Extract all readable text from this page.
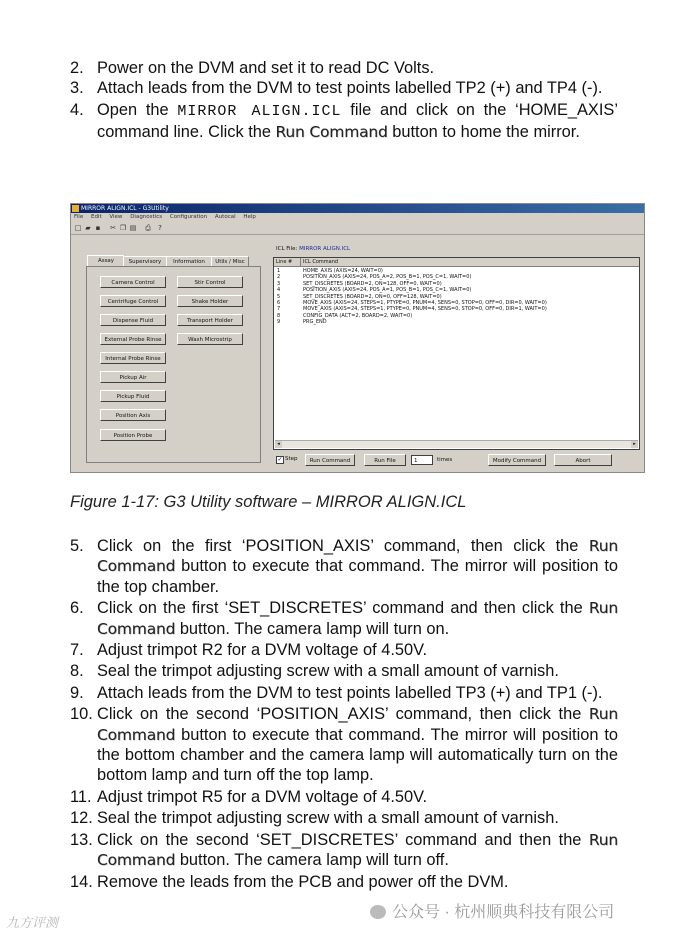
2. Power on the DVM and set it to read DC Volts.
3. Attach leads from the DVM to test points labelled TP2 (+) and TP4 (-).
4. Open the MIRROR ALIGN.ICL file and click on the ‘HOME_AXIS’ command line. Click the Run Command button to home the mirror.
MIRROR ALIGN.ICL - G3Utility
File Edit View Diagnostics Configuration Autocal Help
□ ▰ ▪ ✂ ❐ ▤ ⎙	?
Assay	Supervisory	Information	Utils / Misc
Camera Control
Centrifuge Control
Dispense Fluid
External Probe Rinse
Internal Probe Rinse
Pickup Air
Pickup Fluid
Position Axis
Position Probe
Stir Control
Shake Holder
Transport Holder
Wash Microstrip
ICL File: MIRROR ALIGN.ICL
Line #	ICL Command
1	HOME_AXIS (AXIS=24, WAIT=0)
2	POSITION_AXIS (AXIS=24, POS_A=2, POS_B=1, POS_C=1, WAIT=0)
3	SET_DISCRETES (BOARD=2, ON=128, OFF=0, WAIT=0)
4	POSITION_AXIS (AXIS=24, POS_A=1, POS_B=1, POS_C=1, WAIT=0)
5	SET_DISCRETES (BOARD=2, ON=0, OFF=128, WAIT=0)
6	MOVE_AXIS (AXIS=24, STEPS=1, PTYPE=0, PNUM=4, SENS=0, STOP=0, OFF=0, DIR=0, WAIT=0)
7	MOVE_AXIS (AXIS=24, STEPS=1, PTYPE=0, PNUM=4, SENS=0, STOP=0, OFF=0, DIR=1, WAIT=0)
8	CONFIG_DATA (ACT=2, BOARD=2, WAIT=0)
9	PRG_END
◂	▸
✓ Step	Run Command	Run File	1	times	Modify Command	Abort
Figure 1-17: G3 Utility software – MIRROR ALIGN.ICL
5. Click on the first ‘POSITION_AXIS’ command, then click the Run Command button to execute that command. The mirror will position to the top chamber.
6. Click on the first ‘SET_DISCRETES’ command and then click the Run Command button. The camera lamp will turn on.
7. Adjust trimpot R2 for a DVM voltage of 4.50V.
8. Seal the trimpot adjusting screw with a small amount of varnish.
9. Attach leads from the DVM to test points labelled TP3 (+) and TP1 (-).
10. Click on the second ‘POSITION_AXIS’ command, then click the Run Command button to execute that command. The mirror will position to the bottom chamber and the camera lamp will automatically turn on the bottom lamp and turn off the top lamp.
11. Adjust trimpot R5 for a DVM voltage of 4.50V.
12. Seal the trimpot adjusting screw with a small amount of varnish.
13. Click on the second ‘SET_DISCRETES’ command and then the Run Command button. The camera lamp will turn off.
14. Remove the leads from the PCB and power off the DVM.
九方评测
公众号 · 杭州顺典科技有限公司
